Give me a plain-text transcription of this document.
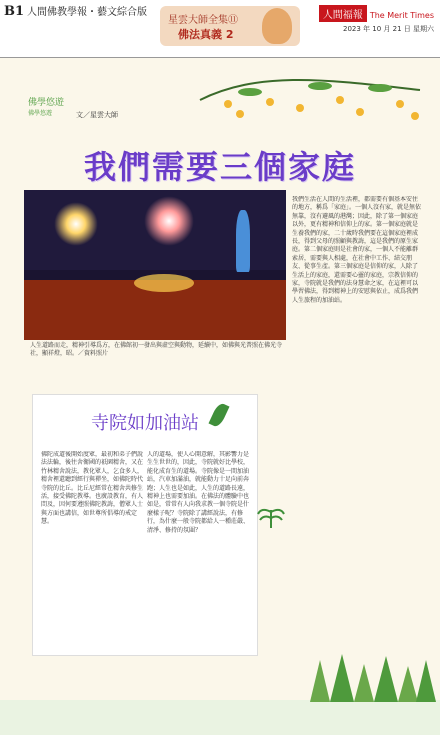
B1 人間佛教學報・藝文綜合版
星雲大師全集⑪
佛法真義 2
人間福報 The Merit Times
2023 年 10 月 21 日 星期六
佛學悠遊
佛學悠遊	文／星雲大師
我們需要三個家庭
人生道路而走，精神引導爲方，在佛館初一發出與虛空與動物，延續中，如佛與光普照在佛光寺社，顯祥燈，昭。／資料照片
寺院如加油站
佛陀成道後開始度眾，最初和弟子們說法法輪，後往舍衛國的祇園精舍，又在竹林精舍說法，教化眾人，乞食多人，精舍裡還聽到經行與禪坐，如佛陀時代寺院的比丘。比丘尼經常在精舍共修生活，接受佛陀教導。也廣設教育，有人問及，因何要遵照佛陀教誨，僧眾人士與方面也講信，如世尊所倡導的戒定慧。
人的道場，使人心開意解，其影響力是生生世世的，因此，寺院就好比學校，能化成育生的道場。寺院像是一間加油站，汽車加滿油，就能動力十足向前奔跑；人生也是如此，人生的道路長遠，精神上也需要加油。在佛法的體驗中也如是，常常有人向我求教一個寺院是什麼樣子呢？寺院除了講經說法，有修行，為什麼一般寺院都給人一種莊嚴、清淨、修持的氛圍？
我們生活在人間的生活裡，都需要有個基本安住的地方，稱爲「家庭」。一個人沒有家，就是無依無靠，沒有避風的港灣；因此，除了第一個家庭以外，更有精神和信仰上的家。第一個家庭就是生養我們的家，二十歲時我們要在這個家庭裡成長，得到父母的照顧與教誨，這是我們的原生家庭。第二個家庭則是社會的家，一個人不能離群索居，需要與人相處，在社會中工作、結交朋友、從事生產。第三個家庭是信仰的家，人除了生活上的家庭，還需要心靈的家庭，宗教信仰的家，寺院就是我們的法身慧命之家，在這裡可以學習佛法，得到精神上的安慰與依止，成爲我們人生旅程的加油站。
